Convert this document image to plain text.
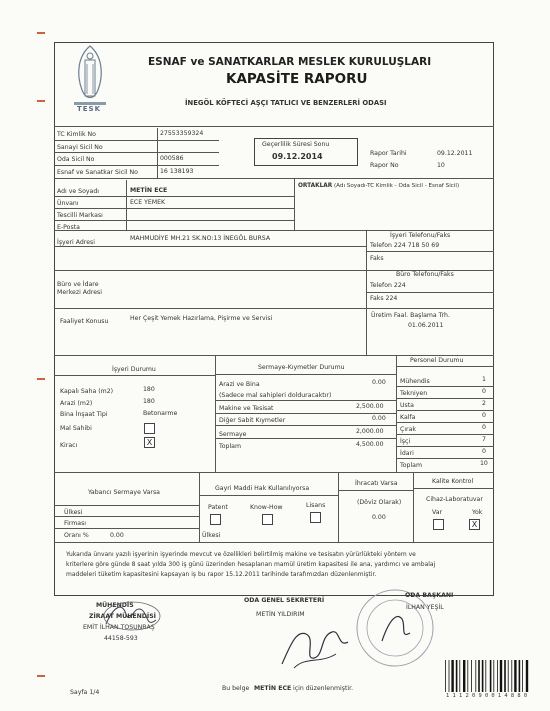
TESK
ESNAF ve SANATKARLAR MESLEK KURULUŞLARI
KAPASİTE RAPORU
İNEGÖL KÖFTECİ AŞÇI TATLICI VE BENZERLERİ ODASI
TC Kimlik No	27553359324
Sanayi Sicil No
Oda Sicil No	000586
Esnaf ve Sanatkar Sicil No	16 138193
Geçerlilik Süresi Sonu
09.12.2014	Rapor Tarihi	09.12.2011
Rapor No	10
Adı ve Soyadı	METİN ECE
Ünvanı	ECE YEMEK
Tescilli Markası
E-Posta
ORTAKLAR (Adı Soyadı-TC Kimlik - Oda Sicil - Esnaf Sicil)
İşyeri Adresi
MAHMUDİYE MH.21 SK.NO:13 İNEGÖL BURSA	İşyeri Telefonu/Faks
Telefon 224 718 50 69
Faks
Büro ve İdare
Merkezi Adresi
Büro Telefonu/Faks
Telefon 224
Faks 224
Faaliyet Konusu	Her Çeşit Yemek Hazırlama, Pişirme ve Servisi	Üretim Faal. Başlama Trh.
01.06.2011
İşyeri Durumu
Kapalı Saha (m2)	180
Arazi (m2)	180
Bina İnşaat Tipi	Betonarme
Mal Sahibi
Kiracı	X
Sermaye-Kıymetler Durumu
Arazi ve Bina
(Sadece mal sahipleri dolduracaktır)
0.00
Makine ve Tesisat	2,500.00
Diğer Sabit Kıymetler	0.00
Sermaye	2,000.00
Toplam	4,500.00
Personel Durumu
Mühendis	1
Tekniyen	0
Usta	2
Kalfa	0
Çırak	0
İşçi	7
İdari	0
Toplam	10
Yabancı Sermaye Varsa
Ülkesi
Firması
Oranı %	0.00
Gayri Maddi Hak Kullanılıyorsa
Patent	Know-How	Lisans
Ülkesi
İhracatı Varsa
(Döviz Olarak)
0.00
Kalite Kontrol
Cihaz-Laboratuvar
Var	Yok
X
Yukarıda ünvanı yazılı işyerinin işyerinde mevcut ve özellikleri belirtilmiş makine ve tesisatın yürürlükteki yöntem ve
kriterlere göre günde 8 saat yılda 300 iş günü üzerinden hesaplanan mamül üretim kapasitesi ile ana, yardımcı ve ambalaj
maddeleri tüketim kapasitesini kapsayan iş bu rapor 15.12.2011 tarihinde tarafımızdan düzenlenmiştir.
MÜHENDİS
ZİRAAT MÜHENDİSİ
EMİT İLHAN TOSUNBAŞ
44158-593
ODA GENEL SEKRETERİ
METİN YILDIRIM
ODA BAŞKANI
İLHAN YEŞİL
Sayfa 1/4
Bu belge METİN ECE için düzenlenmiştir.
1 1 1 2 0 9 0 0 1 4 8 8 0
